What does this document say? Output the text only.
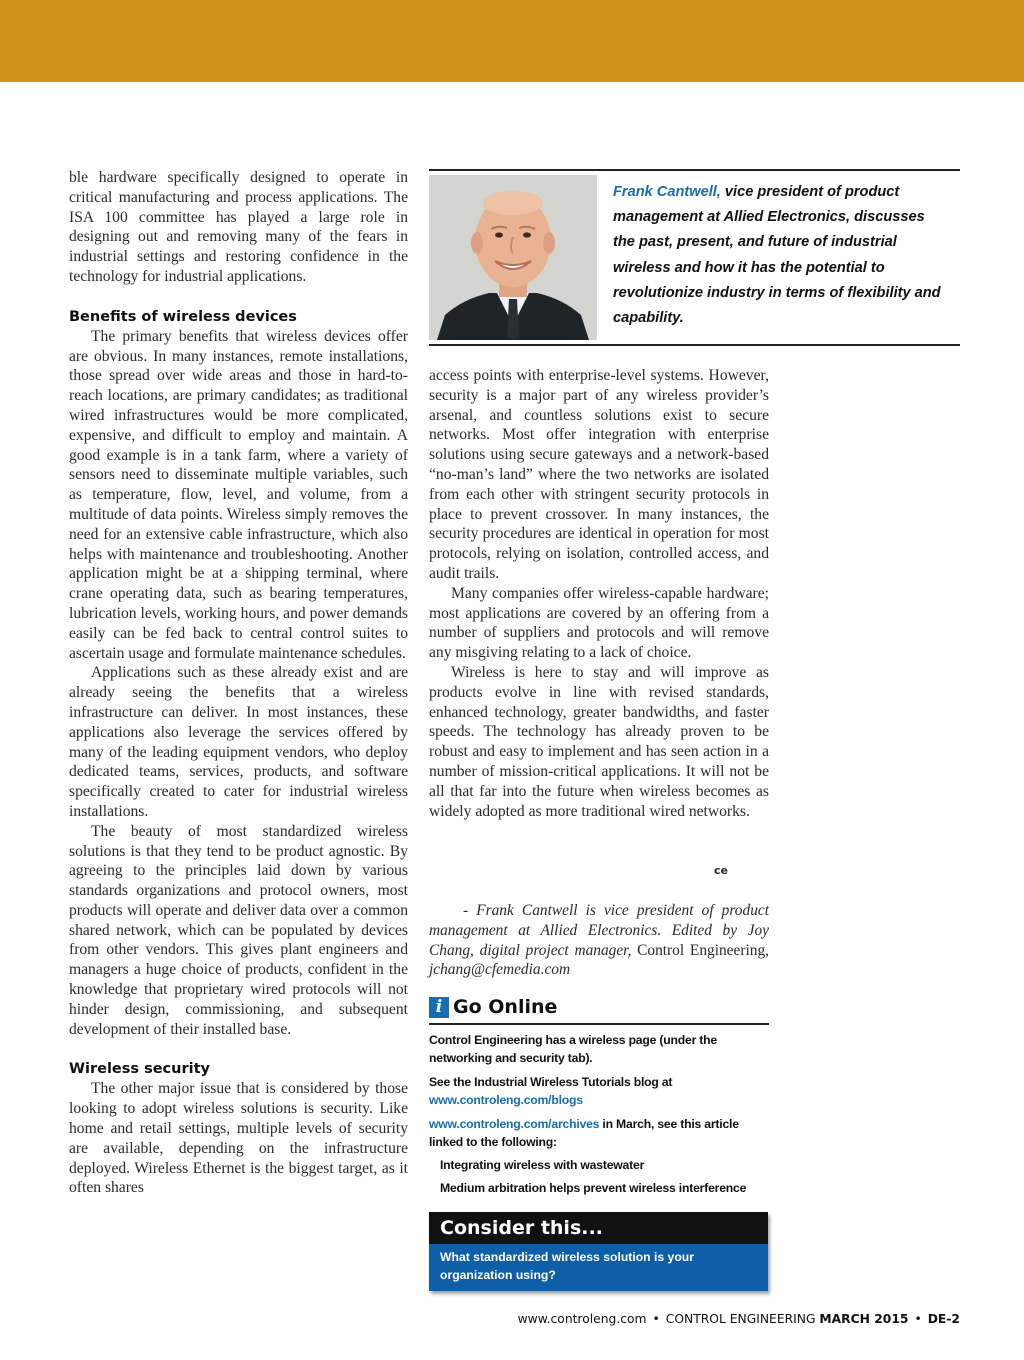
ble hardware specifically designed to operate in critical manufacturing and process applications. The ISA 100 committee has played a large role in designing out and removing many of the fears in industrial settings and restoring confidence in the technology for industrial applications.

Benefits of wireless devices

The primary benefits that wireless devices offer are obvious. In many instances, remote installations, those spread over wide areas and those in hard-to-reach locations, are primary candidates; as traditional wired infrastructures would be more complicated, expensive, and difficult to employ and maintain. A good example is in a tank farm, where a variety of sensors need to disseminate multiple variables, such as temperature, flow, level, and volume, from a multitude of data points. Wireless simply removes the need for an extensive cable infrastructure, which also helps with maintenance and troubleshooting. Another application might be at a shipping terminal, where crane operating data, such as bearing temperatures, lubrication levels, working hours, and power demands easily can be fed back to central control suites to ascertain usage and formulate maintenance schedules.

Applications such as these already exist and are already seeing the benefits that a wireless infrastructure can deliver. In most instances, these applications also leverage the services offered by many of the leading equipment vendors, who deploy dedicated teams, services, products, and software specifically created to cater for industrial wireless installations.

The beauty of most standardized wireless solutions is that they tend to be product agnostic. By agreeing to the principles laid down by various standards organizations and protocol owners, most products will operate and deliver data over a common shared network, which can be populated by devices from other vendors. This gives plant engineers and managers a huge choice of products, confident in the knowledge that proprietary wired protocols will not hinder design, commissioning, and subsequent development of their installed base.

Wireless security

The other major issue that is considered by those looking to adopt wireless solutions is security. Like home and retail settings, multiple levels of security are available, depending on the infrastructure deployed. Wireless Ethernet is the biggest target, as it often shares

Frank Cantwell, vice president of product management at Allied Electronics, discusses the past, present, and future of industrial wireless and how it has the potential to revolutionize industry in terms of flexibility and capability.

access points with enterprise-level systems. However, security is a major part of any wireless provider’s arsenal, and countless solutions exist to secure networks. Most offer integration with enterprise solutions using secure gateways and a network-based “no-man’s land” where the two networks are isolated from each other with stringent security protocols in place to prevent crossover. In many instances, the security procedures are identical in operation for most protocols, relying on isolation, controlled access, and audit trails.

Many companies offer wireless-capable hardware; most applications are covered by an offering from a number of suppliers and protocols and will remove any misgiving relating to a lack of choice.

Wireless is here to stay and will improve as products evolve in line with revised standards, enhanced technology, greater bandwidths, and faster speeds. The technology has already proven to be robust and easy to implement and has seen action in a number of mission-critical applications. It will not be all that far into the future when wireless becomes as widely adopted as more traditional wired networks.

ce

- Frank Cantwell is vice president of product management at Allied Electronics. Edited by Joy Chang, digital project manager, Control Engineering, jchang@cfemedia.com

i Go Online
Control Engineering has a wireless page (under the networking and security tab).
See the Industrial Wireless Tutorials blog at
www.controleng.com/blogs
www.controleng.com/archives in March, see this article linked to the following:
Integrating wireless with wastewater
Medium arbitration helps prevent wireless interference
Consider this...
What standardized wireless solution is your organization using?
www.controleng.com • CONTROL ENGINEERING MARCH 2015 • DE-2
